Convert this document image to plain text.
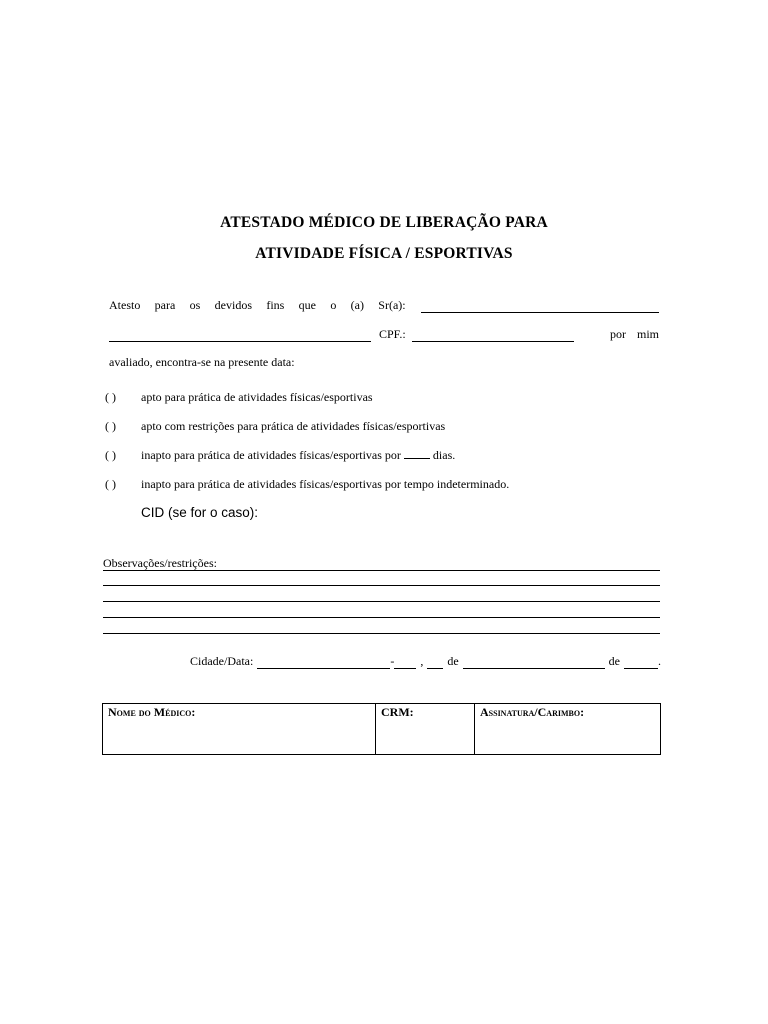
ATESTADO MÉDICO DE LIBERAÇÃO PARA
ATIVIDADE FÍSICA / ESPORTIVAS
Atesto para os devidos fins que o (a) Sr(a):
CPF.:	por mim
avaliado, encontra-se na presente data:
( )	apto para prática de atividades físicas/esportivas
( )	apto com restrições para prática de atividades físicas/esportivas
( )	inapto para prática de atividades físicas/esportivas por	dias.
( )	inapto para prática de atividades físicas/esportivas por tempo indeterminado.
CID (se for o caso):
Observações/restrições:
Cidade/Data:	- , de	de	.
Nome do Médico:	CRM:	Assinatura/Carimbo:
